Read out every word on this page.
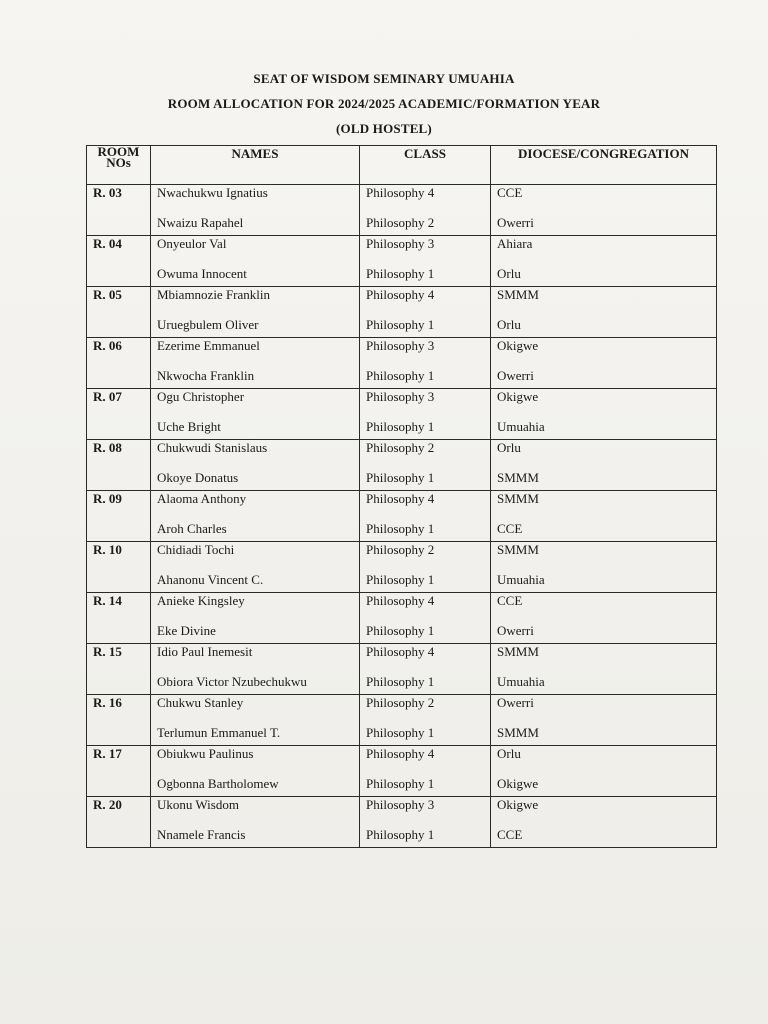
SEAT OF WISDOM SEMINARY UMUAHIA
ROOM ALLOCATION FOR 2024/2025 ACADEMIC/FORMATION YEAR
(OLD HOSTEL)
ROOM
NOs	NAMES	CLASS	DIOCESE/CONGREGATION
R. 03	Nwachukwu Ignatius	Philosophy 4	CCE
	Nwaizu Rapahel	Philosophy 2	Owerri
R. 04	Onyeulor Val	Philosophy 3	Ahiara
	Owuma Innocent	Philosophy 1	Orlu
R. 05	Mbiamnozie Franklin	Philosophy 4	SMMM
	Uruegbulem Oliver	Philosophy 1	Orlu
R. 06	Ezerime Emmanuel	Philosophy 3	Okigwe
	Nkwocha Franklin	Philosophy 1	Owerri
R. 07	Ogu Christopher	Philosophy 3	Okigwe
	Uche Bright	Philosophy 1	Umuahia
R. 08	Chukwudi Stanislaus	Philosophy 2	Orlu
	Okoye Donatus	Philosophy 1	SMMM
R. 09	Alaoma Anthony	Philosophy 4	SMMM
	Aroh Charles	Philosophy 1	CCE
R. 10	Chidiadi Tochi	Philosophy 2	SMMM
	Ahanonu Vincent C.	Philosophy 1	Umuahia
R. 14	Anieke Kingsley	Philosophy 4	CCE
	Eke Divine	Philosophy 1	Owerri
R. 15	Idio Paul Inemesit	Philosophy 4	SMMM
	Obiora Victor Nzubechukwu	Philosophy 1	Umuahia
R. 16	Chukwu Stanley	Philosophy 2	Owerri
	Terlumun Emmanuel T.	Philosophy 1	SMMM
R. 17	Obiukwu Paulinus	Philosophy 4	Orlu
	Ogbonna Bartholomew	Philosophy 1	Okigwe
R. 20	Ukonu Wisdom	Philosophy 3	Okigwe
	Nnamele Francis	Philosophy 1	CCE
